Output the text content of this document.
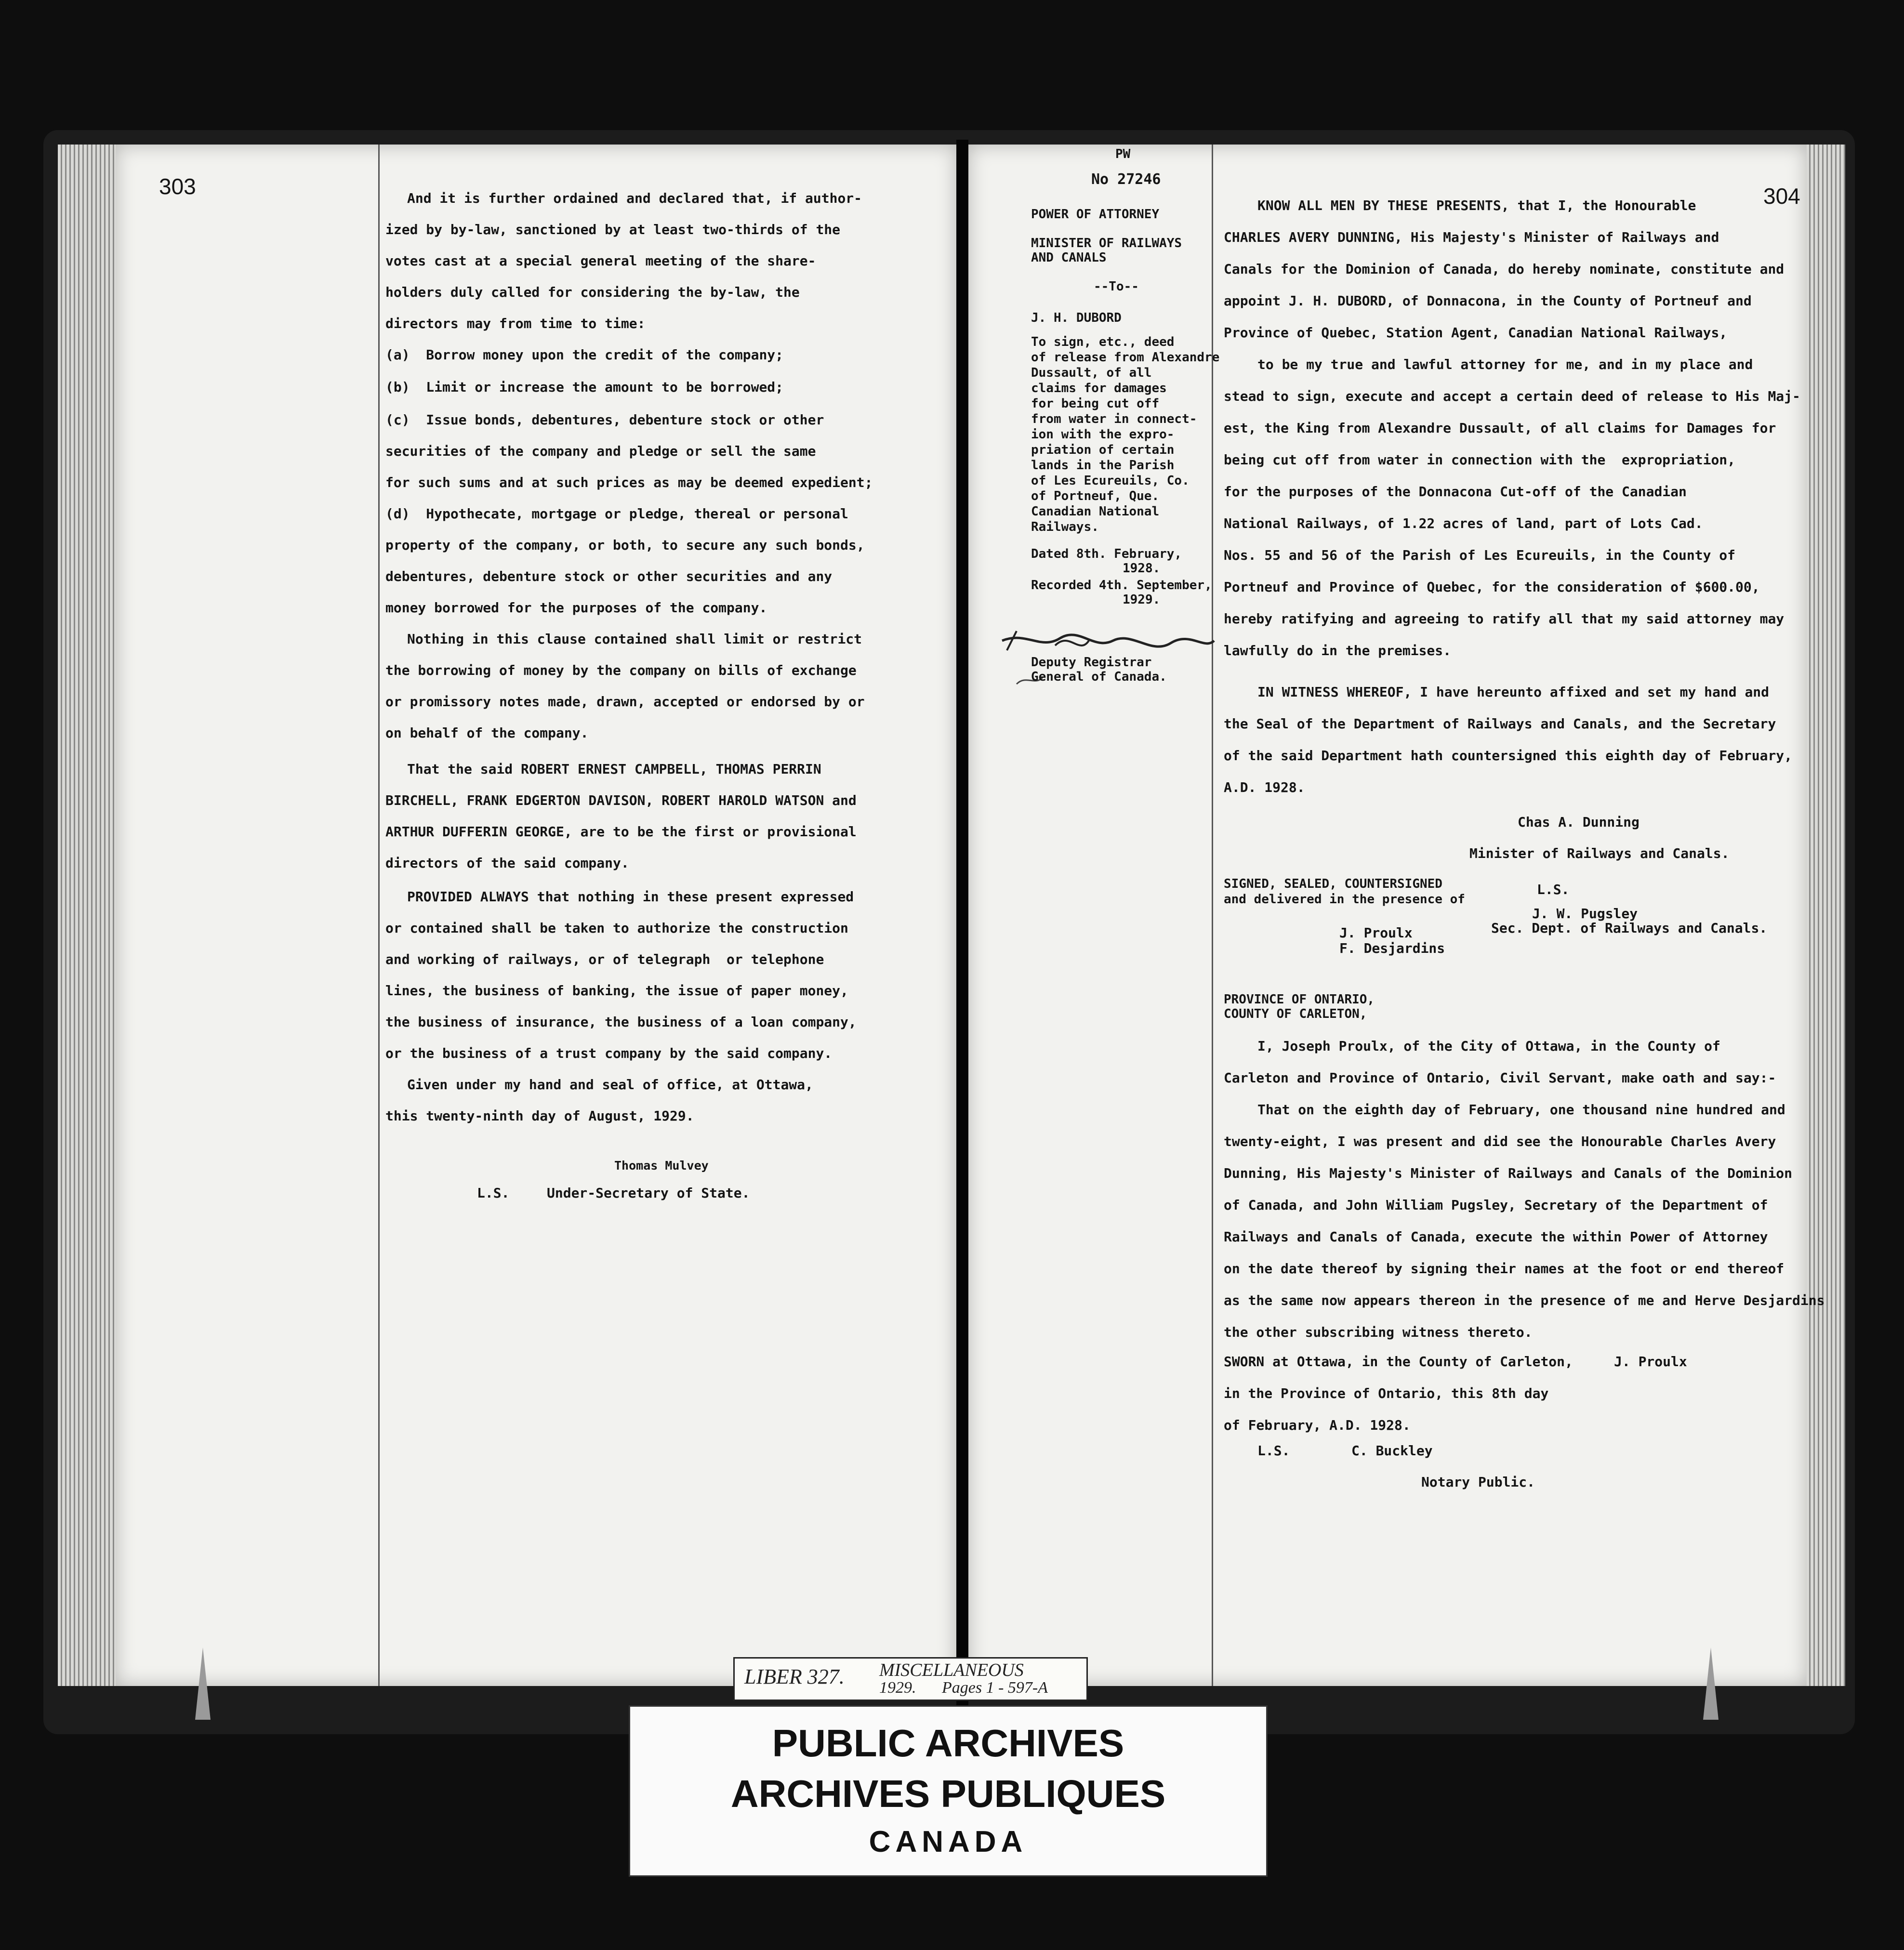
303	And it is further ordained and declared that, if author-
ized by by-law, sanctioned by at least two-thirds of the
votes cast at a special general meeting of the share-
holders duly called for considering the by-law, the
directors may from time to time:
(a)  Borrow money upon the credit of the company;
(b)  Limit or increase the amount to be borrowed;
(c)  Issue bonds, debentures, debenture stock or other
securities of the company and pledge or sell the same
for such sums and at such prices as may be deemed expedient;
(d)  Hypothecate, mortgage or pledge, thereal or personal
property of the company, or both, to secure any such bonds,
debentures, debenture stock or other securities and any
money borrowed for the purposes of the company.
Nothing in this clause contained shall limit or restrict
the borrowing of money by the company on bills of exchange
or promissory notes made, drawn, accepted or endorsed by or
on behalf of the company.
That the said ROBERT ERNEST CAMPBELL, THOMAS PERRIN
BIRCHELL, FRANK EDGERTON DAVISON, ROBERT HAROLD WATSON and
ARTHUR DUFFERIN GEORGE, are to be the first or provisional
directors of the said company.
PROVIDED ALWAYS that nothing in these present expressed
or contained shall be taken to authorize the construction
and working of railways, or of telegraph  or telephone
lines, the business of banking, the issue of paper money,
the business of insurance, the business of a loan company,
or the business of a trust company by the said company.
Given under my hand and seal of office, at Ottawa,
this twenty-ninth day of August, 1929.
Thomas Mulvey
L.S.	Under-Secretary of State.
304
PW
No 27246
POWER OF ATTORNEY
MINISTER OF RAILWAYS
AND CANALS
--To--
J. H. DUBORD
To sign, etc., deed
of release from Alexandre
Dussault, of all
claims for damages
for being cut off
from water in connect-
ion with the expro-
priation of certain
lands in the Parish
of Les Ecureuils, Co.
of Portneuf, Que.
Canadian National
Railways.
Dated 8th. February,
1928.
Recorded 4th. September,
1929.
Deputy Registrar
General of Canada.
KNOW ALL MEN BY THESE PRESENTS, that I, the Honourable
CHARLES AVERY DUNNING, His Majesty's Minister of Railways and
Canals for the Dominion of Canada, do hereby nominate, constitute and
appoint J. H. DUBORD, of Donnacona, in the County of Portneuf and
Province of Quebec, Station Agent, Canadian National Railways,
to be my true and lawful attorney for me, and in my place and
stead to sign, execute and accept a certain deed of release to His Maj-
est, the King from Alexandre Dussault, of all claims for Damages for
being cut off from water in connection with the  expropriation,
for the purposes of the Donnacona Cut-off of the Canadian
National Railways, of 1.22 acres of land, part of Lots Cad.
Nos. 55 and 56 of the Parish of Les Ecureuils, in the County of
Portneuf and Province of Quebec, for the consideration of $600.00,
hereby ratifying and agreeing to ratify all that my said attorney may
lawfully do in the premises.
IN WITNESS WHEREOF, I have hereunto affixed and set my hand and
the Seal of the Department of Railways and Canals, and the Secretary
of the said Department hath countersigned this eighth day of February,
A.D. 1928.
Chas A. Dunning
Minister of Railways and Canals.
SIGNED, SEALED, COUNTERSIGNED
and delivered in the presence of
L.S.
J. W. Pugsley
Sec. Dept. of Railways and Canals.
J. Proulx
F. Desjardins
PROVINCE OF ONTARIO,
COUNTY OF CARLETON,
I, Joseph Proulx, of the City of Ottawa, in the County of
Carleton and Province of Ontario, Civil Servant, make oath and say:-
That on the eighth day of February, one thousand nine hundred and
twenty-eight, I was present and did see the Honourable Charles Avery
Dunning, His Majesty's Minister of Railways and Canals of the Dominion
of Canada, and John William Pugsley, Secretary of the Department of
Railways and Canals of Canada, execute the within Power of Attorney
on the date thereof by signing their names at the foot or end thereof
as the same now appears thereon in the presence of me and Herve Desjardins
the other subscribing witness thereto.
SWORN at Ottawa, in the County of Carleton,
in the Province of Ontario, this 8th day
of February, A.D. 1928.
J. Proulx
L.S.	C. Buckley
Notary Public.
LIBER 327. MISCELLANEOUS
1929. Pages 1 - 597-A
PUBLIC ARCHIVES
ARCHIVES PUBLIQUES
CANADA
